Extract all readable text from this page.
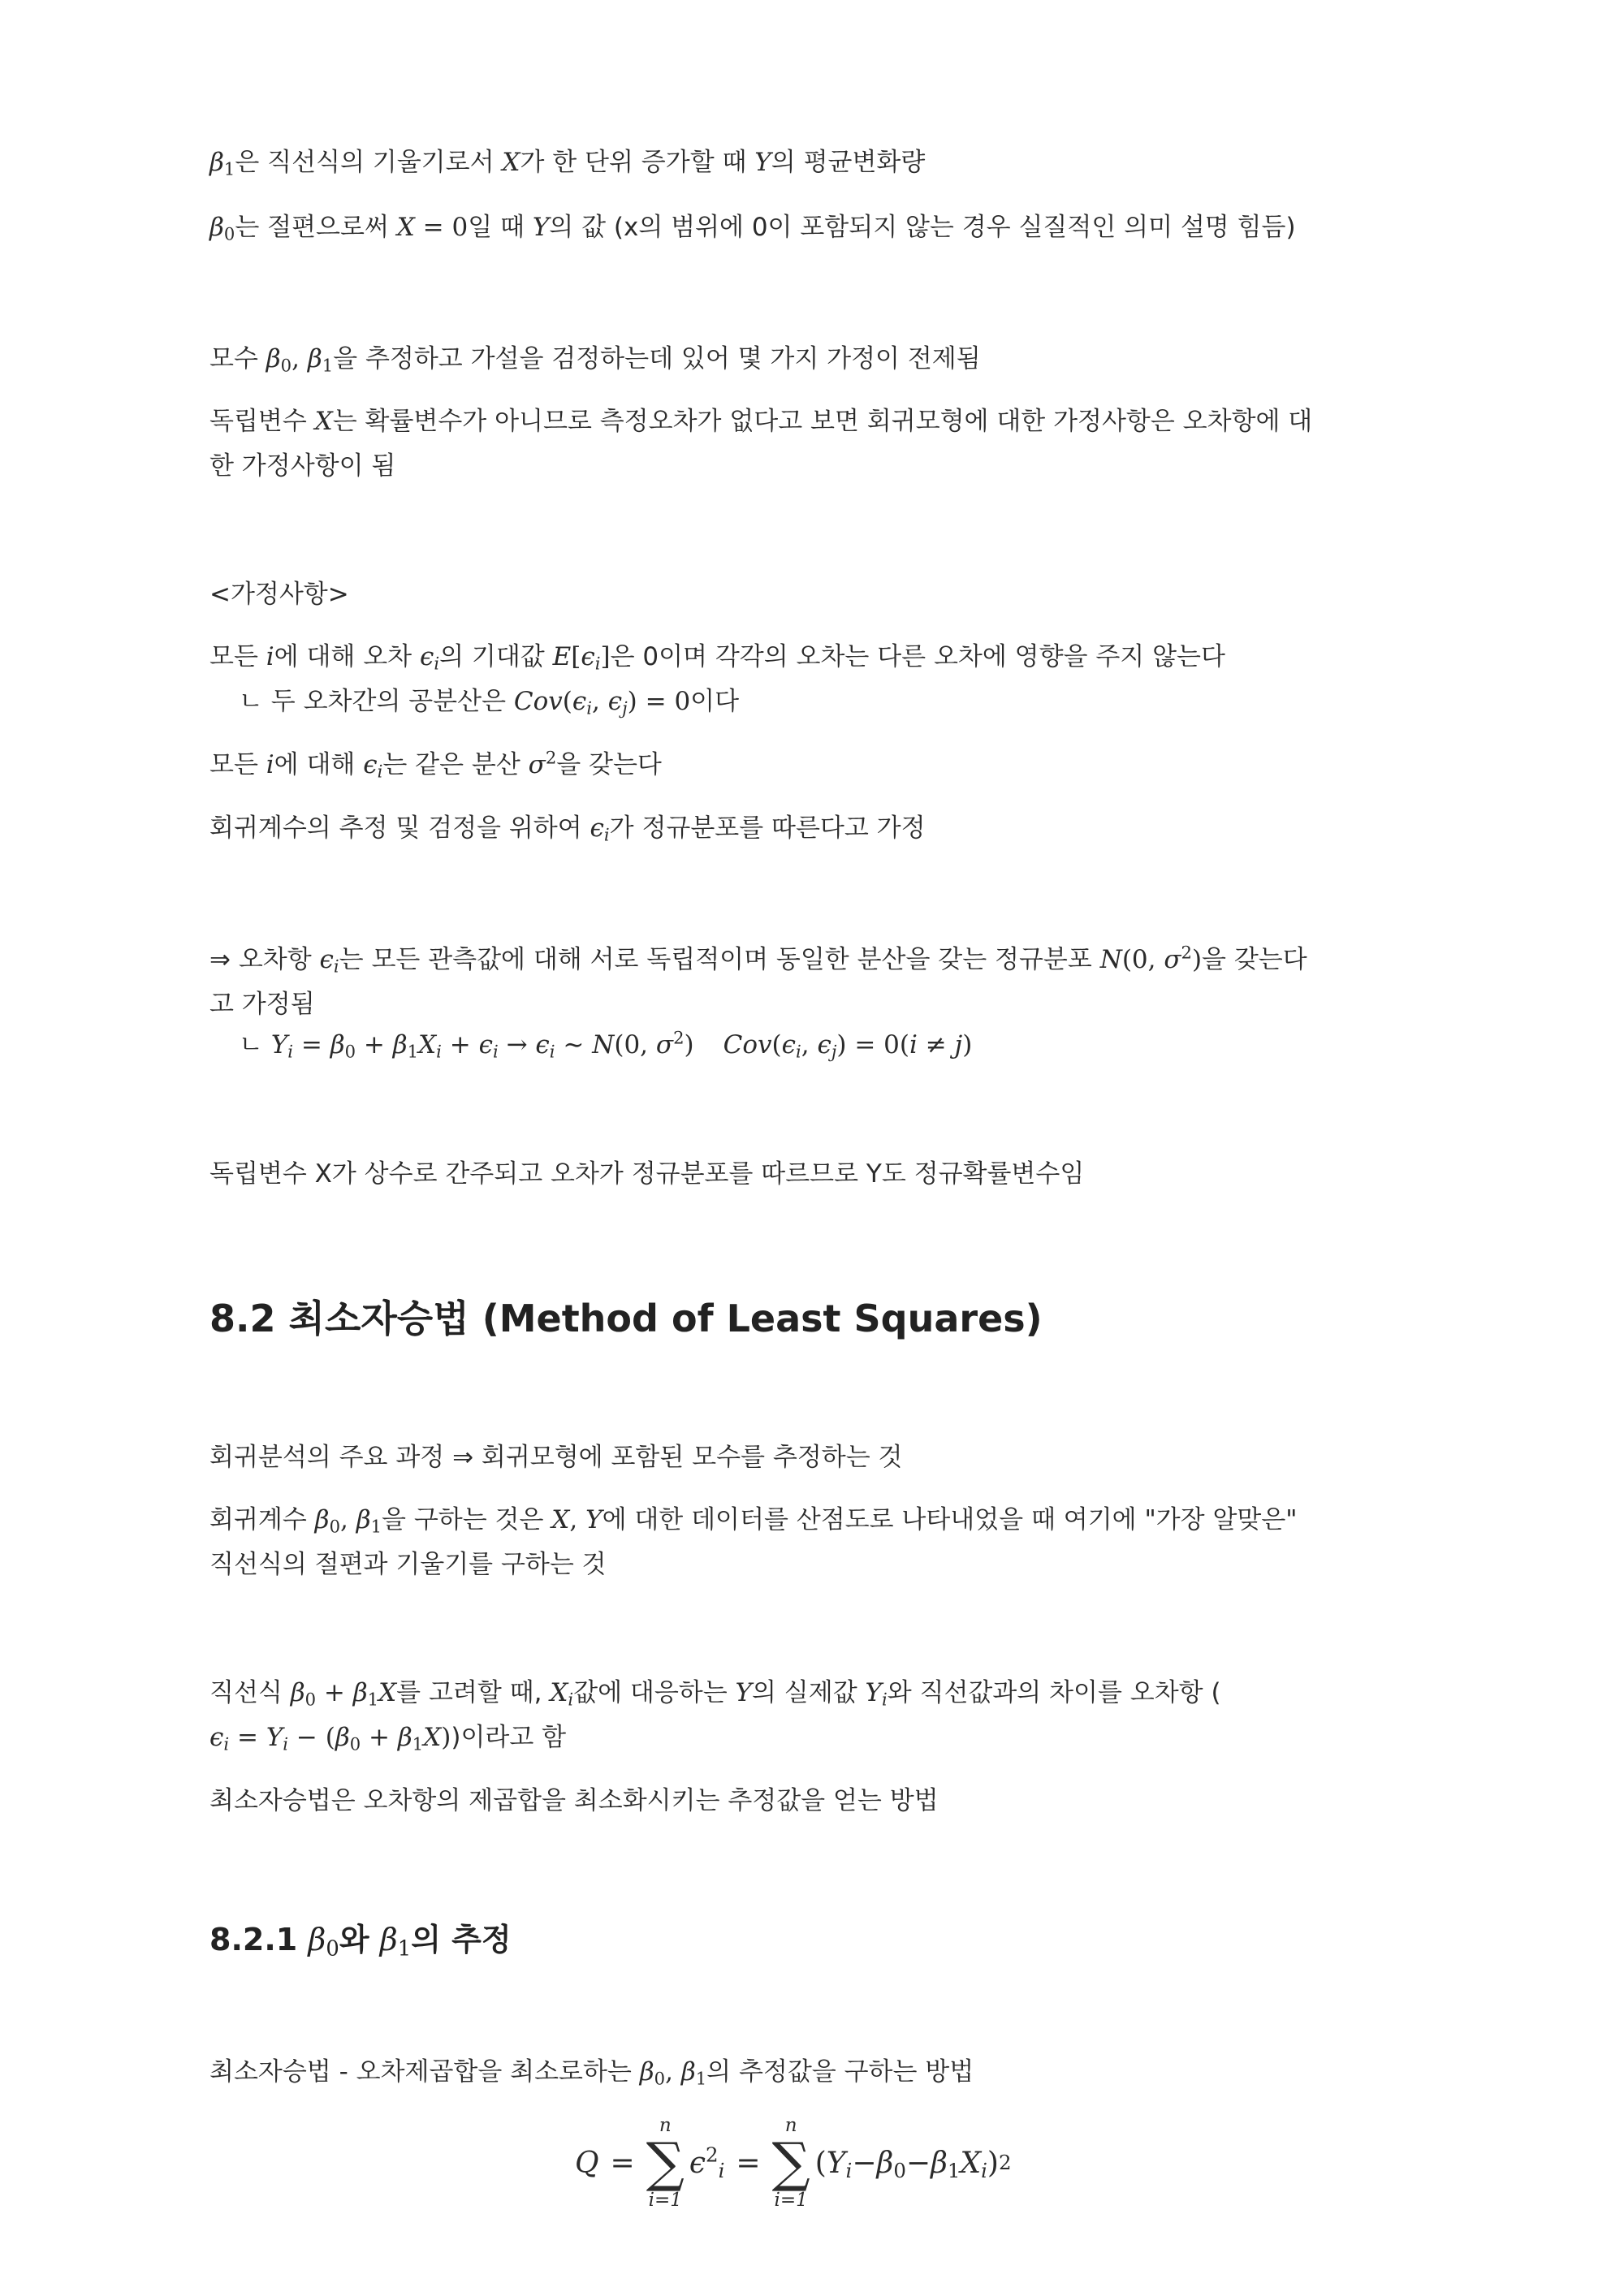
$\beta_1$은 직선식의 기울기로서 X가 한 단위 증가할 때 Y의 평균변화량
$\beta_0$는 절편으로써 X = 0일 때 Y의 값 (x의 범위에 0이 포함되지 않는 경우 실질적인 의미 설명 힘듬)
모수 $\beta_0$, $\beta_1$을 추정하고 가설을 검정하는데 있어 몇 가지 가정이 전제됨
독립변수 X는 확률변수가 아니므로 측정오차가 없다고 보면 회귀모형에 대한 가정사항은 오차항에 대
한 가정사항이 됨
<가정사항>
모든 i에 대해 오차 $\epsilon_i$의 기대값 $E[\epsilon_i]$은 0이며 각각의 오차는 다른 오차에 영향을 주지 않는다
ㄴ 두 오차간의 공분산은 $Cov(\epsilon_i$, $\epsilon_j) = 0$이다
모든 i에 대해 $\epsilon_i$는 같은 분산 $\sigma^2$을 갖는다
회귀계수의 추정 및 검정을 위하여 $\epsilon_i$가 정규분포를 따른다고 가정
⇒ 오차항 $\epsilon_i$는 모든 관측값에 대해 서로 독립적이며 동일한 분산을 갖는 정규분포 N(0, $\sigma^2$)을 갖는다
고 가정됨
ㄴ $Y_i = \beta_0 + \beta_1X_i + \epsilon_i \to \epsilon_i$ ∼ N(0, $\sigma^2$) $Cov(\epsilon_i$, $\epsilon_j) = 0(i \ne j)$
독립변수 X가 상수로 간주되고 오차가 정규분포를 따르므로 Y도 정규확률변수임
8.2 최소자승법 (Method of Least Squares)
회귀분석의 주요 과정 ⇒ 회귀모형에 포함된 모수를 추정하는 것
회귀계수 $\beta_0$, $\beta_1$을 구하는 것은 X, Y에 대한 데이터를 산점도로 나타내었을 때 여기에 "가장 알맞은"
직선식의 절편과 기울기를 구하는 것
직선식 $\beta_0 + \beta_1X$를 고려할 때, $X_i$값에 대응하는 Y의 실제값 $Y_i$와 직선값과의 차이를 오차항 (
$\epsilon_i = Y_i - (\beta_0 + \beta_1X)$)이라고 함
최소자승법은 오차항의 제곱합을 최소화시키는 추정값을 얻는 방법
8.2.1 $\beta_0$와 $\beta_1$의 추정
최소자승법 - 오차제곱합을 최소로하는 $\beta_0$, $\beta_1$의 추정값을 구하는 방법
Q =
n
∑
i=1
$\epsilon^2_i$ =
n
∑
i=1
( $Y_i - \beta_0 - \beta_1X_i$ ) 2
